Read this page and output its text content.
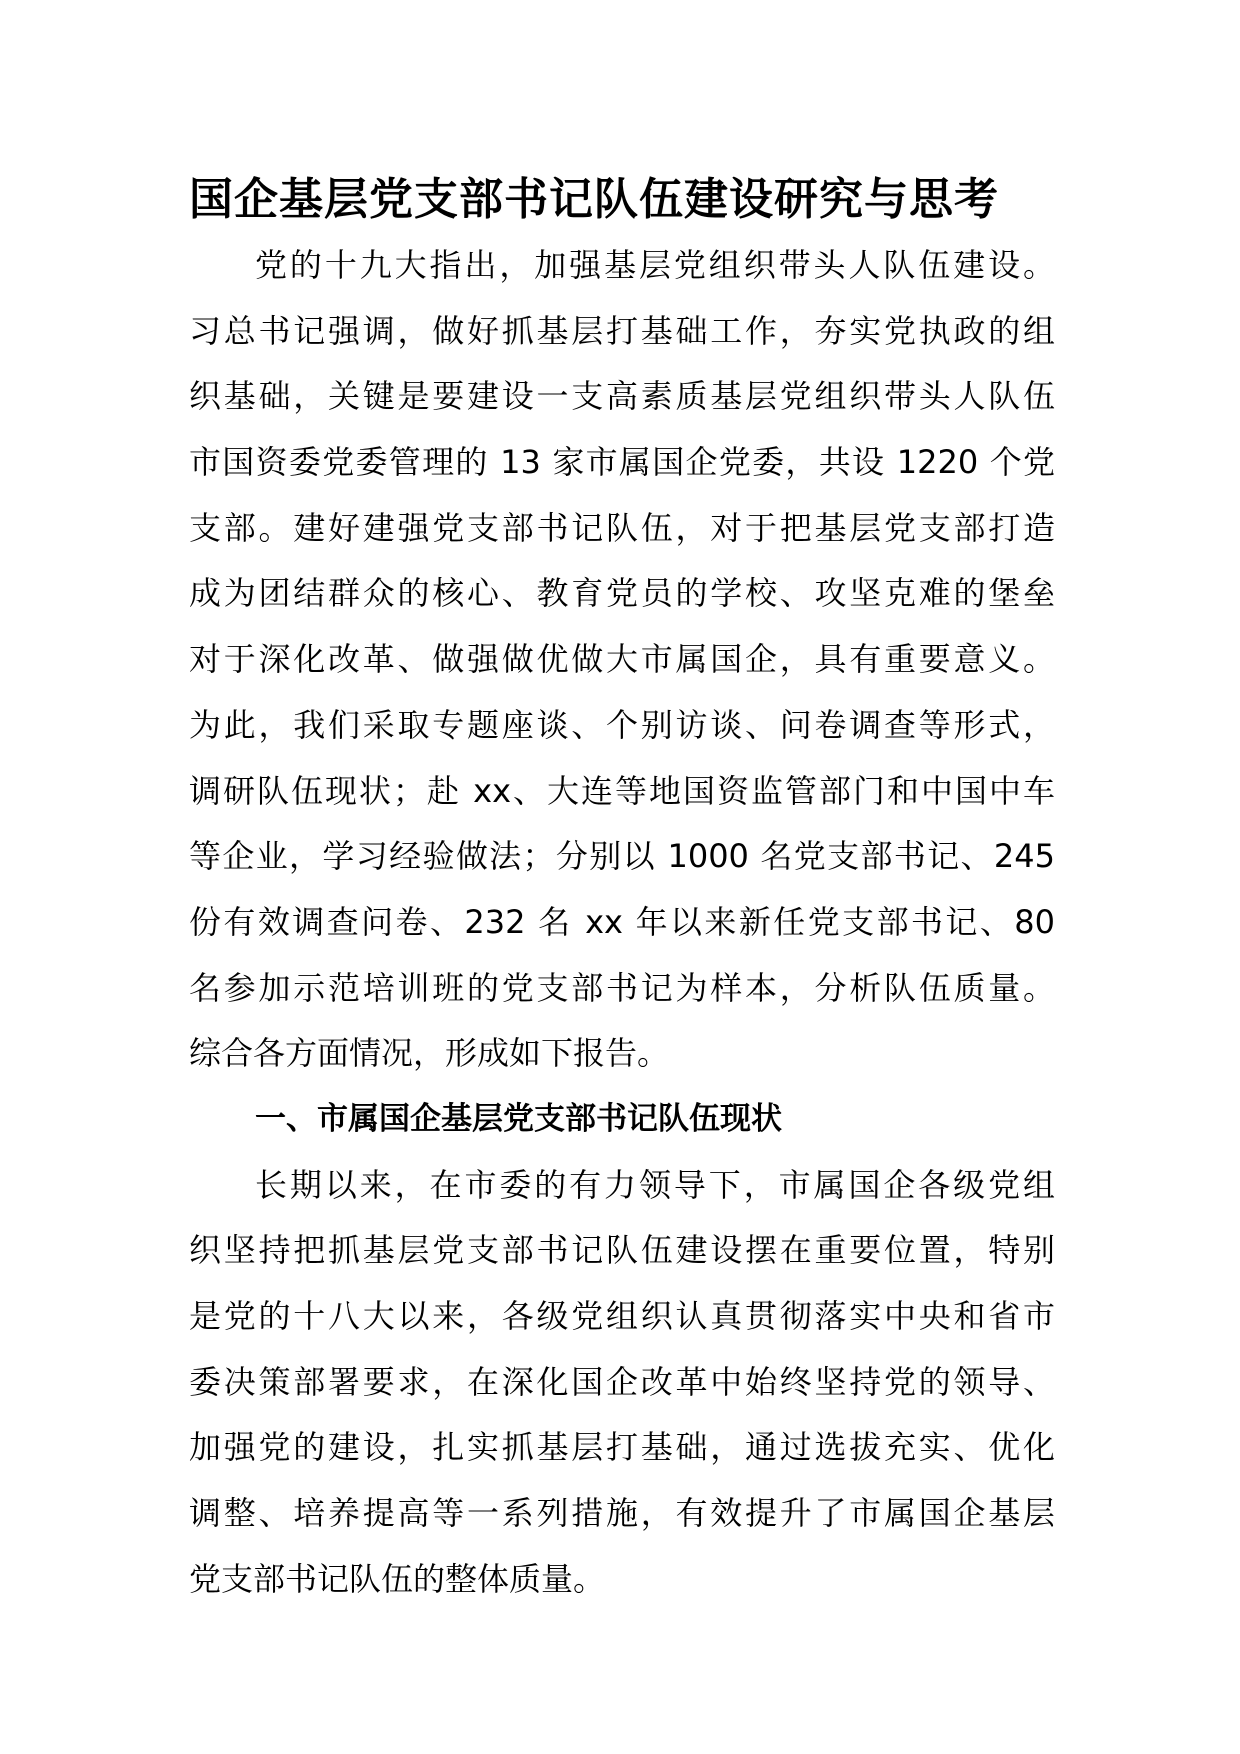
国企基层党支部书记队伍建设研究与思考
党的十九大指出，加强基层党组织带头人队伍建设。
习总书记强调，做好抓基层打基础工作，夯实党执政的组
织基础，关键是要建设一支高素质基层党组织带头人队伍
市国资委党委管理的 13 家市属国企党委，共设 1220 个党
支部。建好建强党支部书记队伍，对于把基层党支部打造
成为团结群众的核心、教育党员的学校、攻坚克难的堡垒
对于深化改革、做强做优做大市属国企，具有重要意义。
为此，我们采取专题座谈、个别访谈、问卷调查等形式，
调研队伍现状；赴 xx、大连等地国资监管部门和中国中车
等企业，学习经验做法；分别以 1000 名党支部书记、245
份有效调查问卷、232 名 xx 年以来新任党支部书记、80
名参加示范培训班的党支部书记为样本，分析队伍质量。
综合各方面情况，形成如下报告。
一、市属国企基层党支部书记队伍现状
长期以来，在市委的有力领导下，市属国企各级党组
织坚持把抓基层党支部书记队伍建设摆在重要位置，特别
是党的十八大以来，各级党组织认真贯彻落实中央和省市
委决策部署要求，在深化国企改革中始终坚持党的领导、
加强党的建设，扎实抓基层打基础，通过选拔充实、优化
调整、培养提高等一系列措施，有效提升了市属国企基层
党支部书记队伍的整体质量。
